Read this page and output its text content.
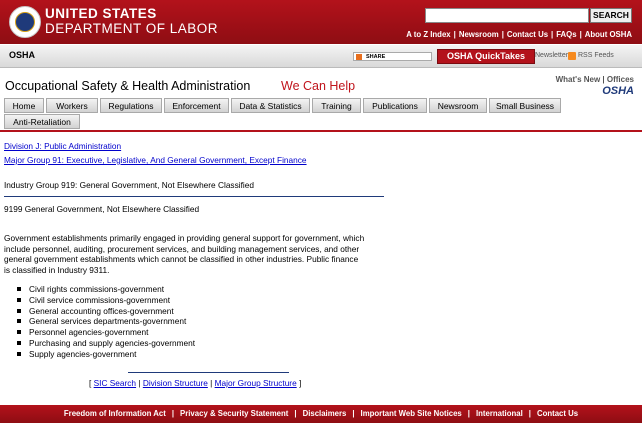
UNITED STATES
DEPARTMENT OF LABOR
SEARCH
A to Z Index | Newsroom | Contact Us | FAQs | About OSHA
OSHA	SHARE	OSHA QuickTakes	Newsletter RSS Feeds
Occupational Safety & Health Administration We Can Help	What's New | Offices
OSHA
Home	Workers	Regulations	Enforcement	Data & Statistics	Training	Publications	Newsroom	Small Business
Anti-Retaliation
Division J: Public Administration
Major Group 91: Executive, Legislative, And General Government, Except Finance
Industry Group 919: General Government, Not Elsewhere Classified
9199 General Government, Not Elsewhere Classified
Government establishments primarily engaged in providing general support for government, which include personnel, auditing, procurement services, and building management services, and other general government establishments which cannot be classified in other industries. Public finance is classified in Industry 9311.
Civil rights commissions-government
Civil service commissions-government
General accounting offices-government
General services departments-government
Personnel agencies-government
Purchasing and supply agencies-government
Supply agencies-government
[ SIC Search | Division Structure | Major Group Structure ]
Freedom of Information Act | Privacy & Security Statement | Disclaimers | Important Web Site Notices | International | Contact Us
